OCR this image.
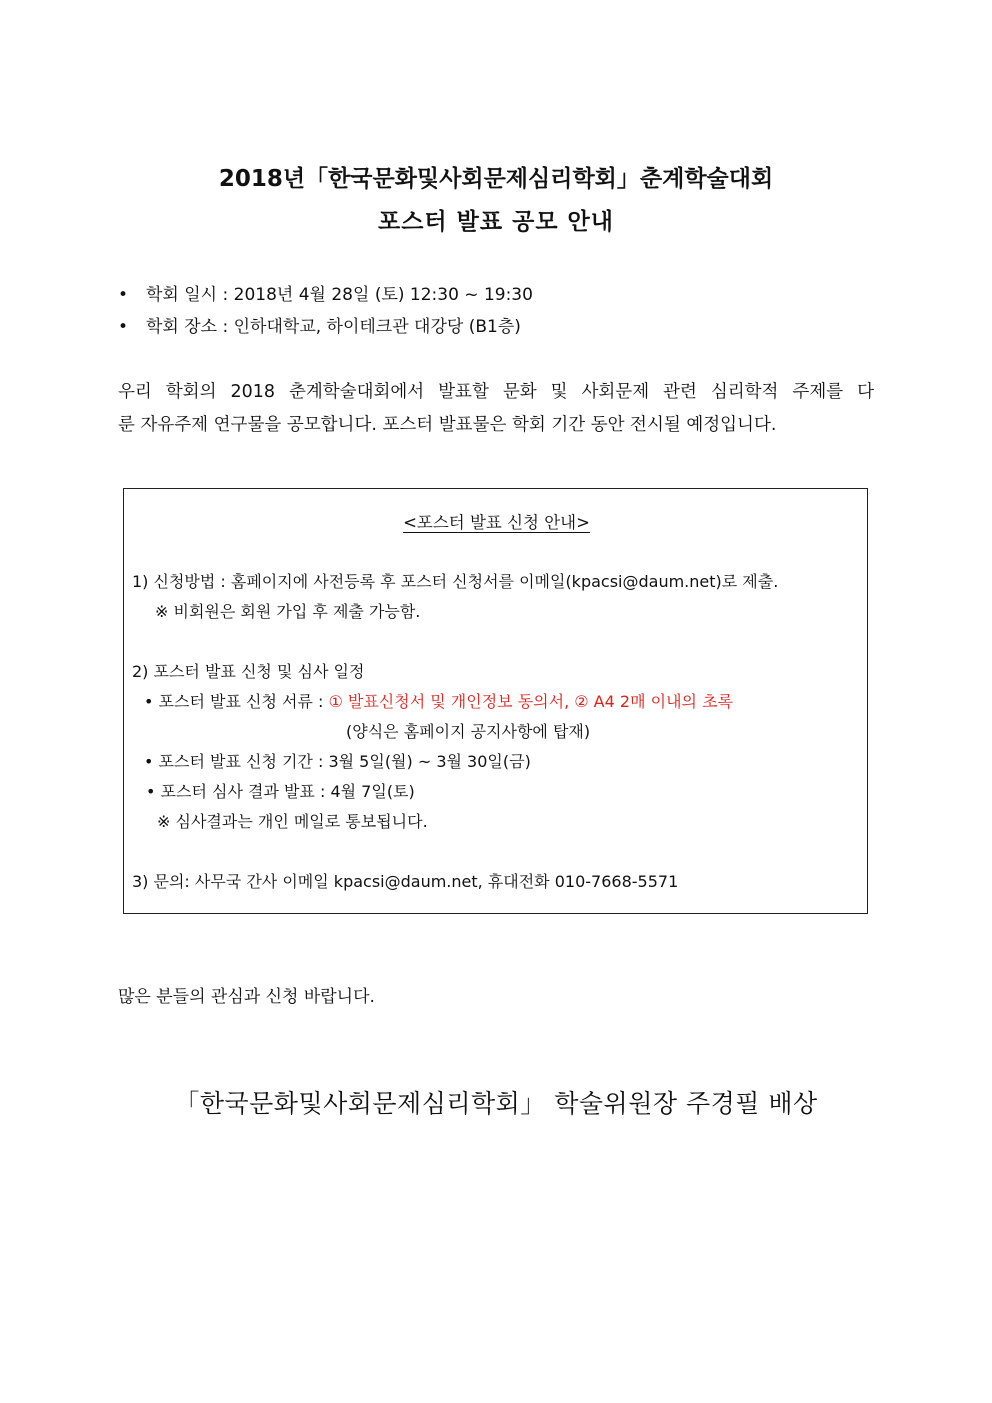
2018년「한국문화및사회문제심리학회」춘계학술대회
포스터 발표 공모 안내
• 학회 일시 : 2018년 4월 28일 (토) 12:30 ~ 19:30
• 학회 장소 : 인하대학교, 하이테크관 대강당 (B1층)

우리 학회의 2018 춘계학술대회에서 발표할 문화 및 사회문제 관련 심리학적 주제를 다

룬 자유주제 연구물을 공모합니다. 포스터 발표물은 학회 기간 동안 전시될 예정입니다.

<포스터 발표 신청 안내>
1) 신청방법 : 홈페이지에 사전등록 후 포스터 신청서를 이메일(kpacsi@daum.net)로 제출.
※ 비회원은 회원 가입 후 제출 가능함.
2) 포스터 발표 신청 및 심사 일정
• 포스터 발표 신청 서류 : ① 발표신청서 및 개인정보 동의서, ② A4 2매 이내의 초록
(양식은 홈페이지 공지사항에 탑재)
• 포스터 발표 신청 기간 : 3월 5일(월) ~ 3월 30일(금)
• 포스터 심사 결과 발표 : 4월 7일(토)
※ 심사결과는 개인 메일로 통보됩니다.
3) 문의: 사무국 간사 이메일 kpacsi@daum.net, 휴대전화 010-7668-5571
많은 분들의 관심과 신청 바랍니다.
「한국문화및사회문제심리학회」 학술위원장 주경필 배상
